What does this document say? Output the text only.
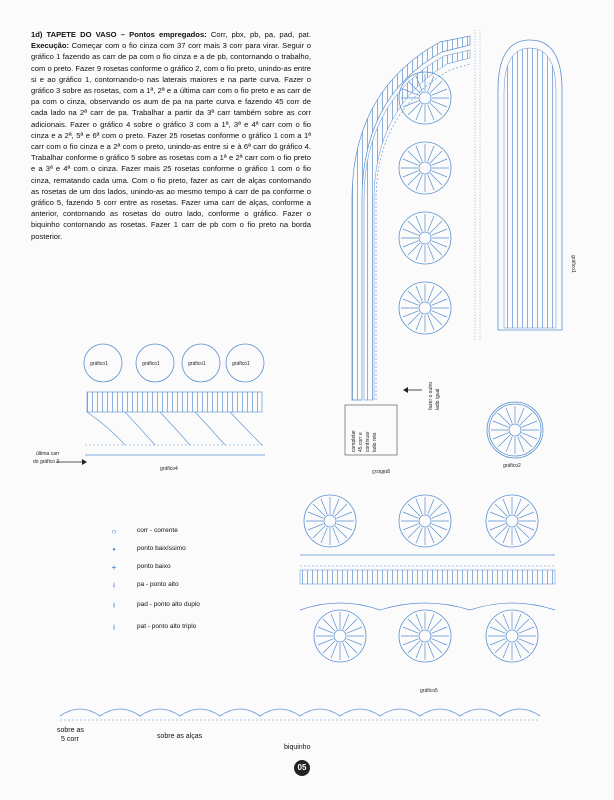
1d) TAPETE DO VASO – Pontos empregados: Corr, pbx, pb, pa, pad, pat. Execução: Começar com o fio cinza com 37 corr mais 3 corr para virar. Seguir o gráfico 1 fazendo as carr de pa com o fio cinza e a de pb, contornando o trabalho, com o preto. Fazer 9 rosetas conforme o gráfico 2, com o fio preto, unindo-as entre si e ao gráfico 1, contornando-o nas laterais maiores e na parte curva. Fazer o gráfico 3 sobre as rosetas, com a 1ª, 2ª e a última carr com o fio preto e as carr de pa com o cinza, observando os aum de pa na parte curva e fazendo 45 corr de cada lado na 2ª carr de pa. Trabalhar a partir da 3ª carr também sobre as corr adicionais. Fazer o gráfico 4 sobre o gráfico 3 com a 1ª, 3ª e 4ª carr com o fio cinza e a 2ª, 5ª e 6ª com o preto. Fazer 25 rosetas conforme o gráfico 1 com a 1ª carr com o fio cinza e a 2ª com o preto, unindo-as entre si e à 6ª carr do gráfico 4. Trabalhar conforme o gráfico 5 sobre as rosetas com a 1ª e 2ª carr com o fio preto e a 3ª e 4ª com o cinza. Fazer mais 25 rosetas conforme o gráfico 1 com o fio cinza, rematando cada uma. Com o fio preto, fazer as carr de alças contornando as rosetas de um dos lados, unindo-as ao mesmo tempo à carr de pa conforme o gráfico 5, fazendo 5 corr entre as rosetas. Fazer uma carr de alças, conforme a anterior, contornando as rosetas do outro lado, conforme o gráfico. Fazer o biquinho contornando as rosetas. Fazer 1 carr de pb com o fio preto na borda posterior.
gráfico1
completar 45 corr e continuar lado reto
gráfico3
fazer o outro lado igual
gráfico2
gráfico1	gráfico1	gráfico1	gráfico1
gráfico4
última carr
do gráfico 3
gráfico5
○	corr - corrente
•	ponto baixíssimo
+	ponto baixo
⟊	pa - ponto alto
⟊	pad - ponto alto duplo
⟊	pat - ponto alto triplo
sobre as
5 corr	sobre as alças
biquinho
05
